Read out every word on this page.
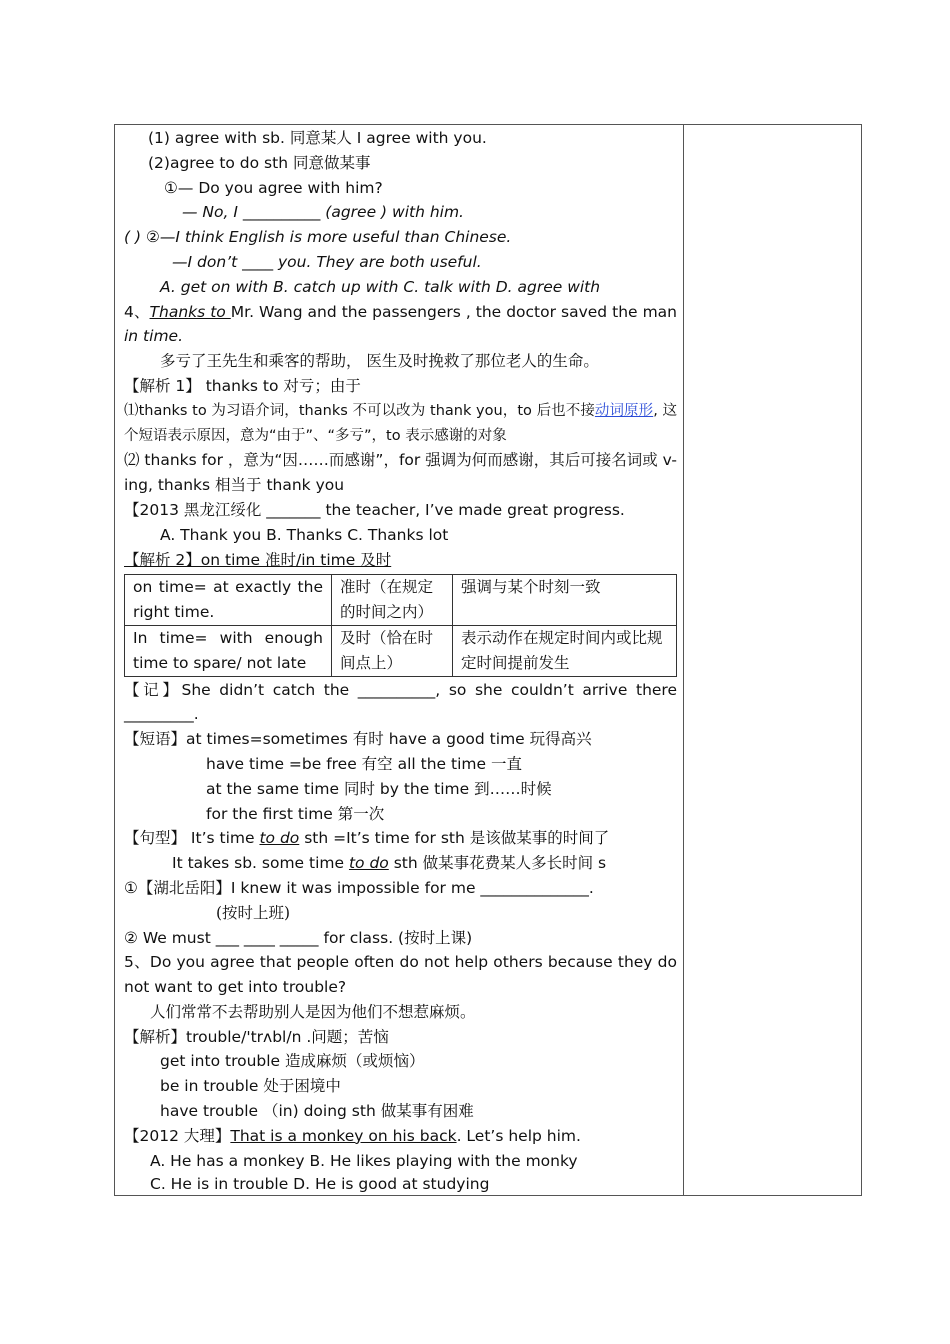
(1) agree with sb. 同意某人 I agree with you.
(2)agree to do sth 同意做某事
①— Do you agree with him?
— No, I __________ (agree ) with him.
( ) ②—I think English is more useful than Chinese.
—I don’t ____ you. They are both useful.
A. get on with B. catch up with C. talk with D. agree with
4、Thanks to Mr. Wang and the passengers , the doctor saved the man in time.
多亏了王先生和乘客的帮助， 医生及时挽救了那位老人的生命。
【解析 1】 thanks to 对亏；由于
⑴thanks to 为习语介词，thanks 不可以改为 thank you，to 后也不接动词原形, 这个短语表示原因，意为“由于”、“多亏”，to 表示感谢的对象
⑵ thanks for ，意为“因……而感谢”，for 强调为何而感谢，其后可接名词或 v-ing, thanks 相当于 thank you
【2013 黑龙江绥化 _______ the teacher, I’ve made great progress.
A. Thank you B. Thanks C. Thanks lot
【解析 2】on time 准时/in time 及时
on time= at exactly the right time.	准时（在规定的时间之内）	强调与某个时刻一致
In time= with enough time to spare/ not late	及时（恰在时间点上）	表示动作在规定时间内或比规定时间提前发生
【记】She didn’t catch the __________, so she couldn’t arrive there _________.
【短语】at times=sometimes 有时 have a good time 玩得高兴
have time =be free 有空 all the time 一直
at the same time 同时 by the time 到……时候
for the first time 第一次
【句型】 It’s time to do sth =It’s time for sth 是该做某事的时间了
It takes sb. some time to do sth 做某事花费某人多长时间 s
①【湖北岳阳】I knew it was impossible for me ______________.
(按时上班)
② We must ___ ____ _____ for class. (按时上课)
5、Do you agree that people often do not help others because they do not want to get into trouble?
人们常常不去帮助别人是因为他们不想惹麻烦。
【解析】trouble/'trʌbl/n .问题；苦恼
get into trouble 造成麻烦（或烦恼）
be in trouble 处于困境中
have trouble （in) doing sth 做某事有困难
【2012 大理】That is a monkey on his back. Let’s help him.
A. He has a monkey B. He likes playing with the monky
C. He is in trouble D. He is good at studying
